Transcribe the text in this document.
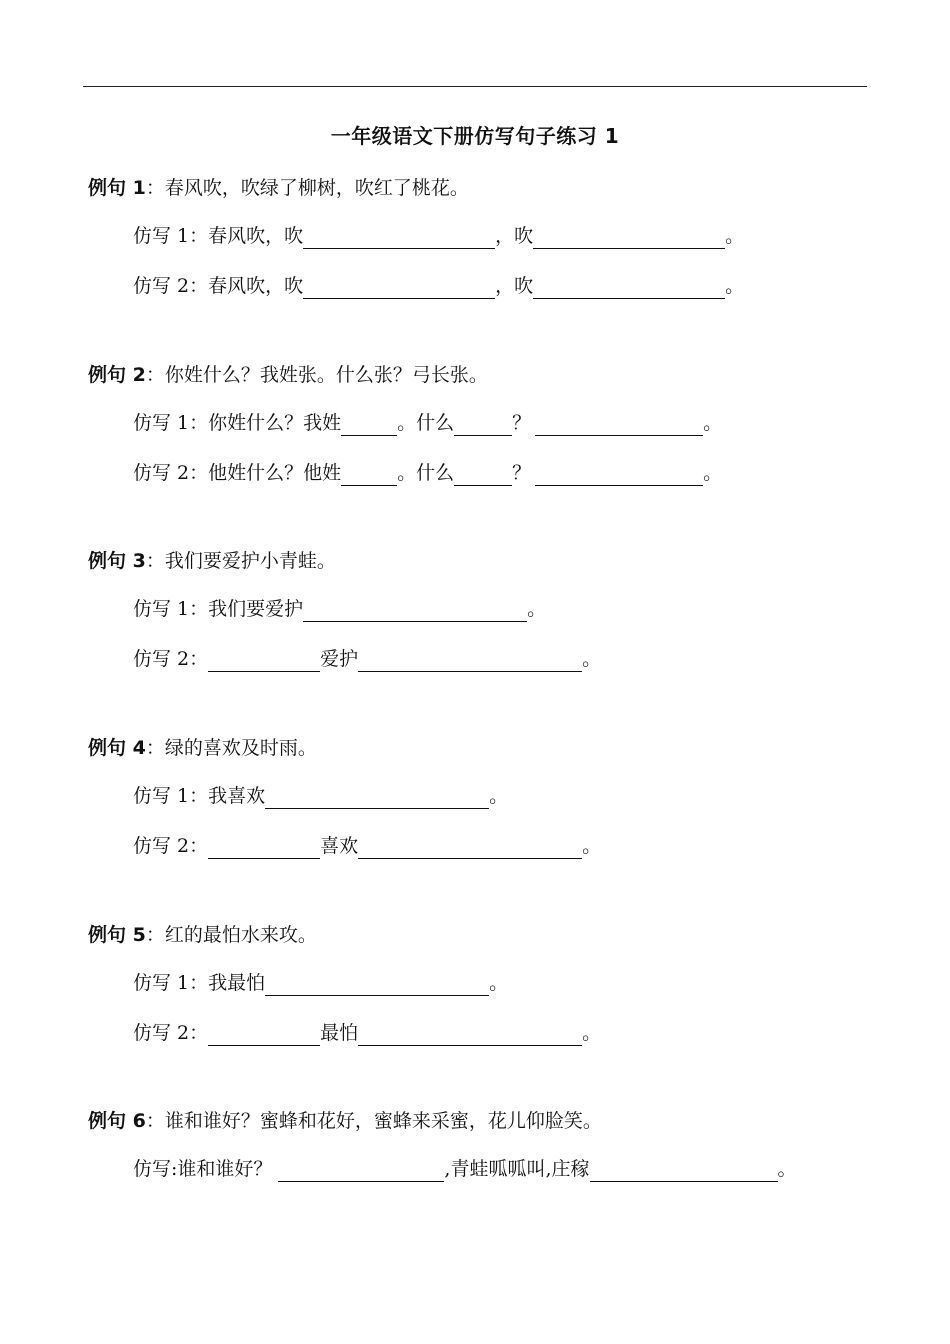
一年级语文下册仿写句子练习 1
例句 1：春风吹，吹绿了柳树，吹红了桃花。
仿写 1：春风吹，吹	，吹	。
仿写 2：春风吹，吹	，吹	。
例句 2：你姓什么？我姓张。什么张？弓长张。
仿写 1：你姓什么？我姓	。什么	？	。
仿写 2：他姓什么？他姓	。什么	？	。
例句 3：我们要爱护小青蛙。
仿写 1：我们要爱护	。
仿写 2：	爱护	。
例句 4：绿的喜欢及时雨。
仿写 1：我喜欢	。
仿写 2：	喜欢	。
例句 5：红的最怕水来攻。
仿写 1：我最怕	。
仿写 2：	最怕	。
例句 6：谁和谁好？蜜蜂和花好，蜜蜂来采蜜，花儿仰脸笑。
仿写:谁和谁好？	,青蛙呱呱叫,庄稼	。
